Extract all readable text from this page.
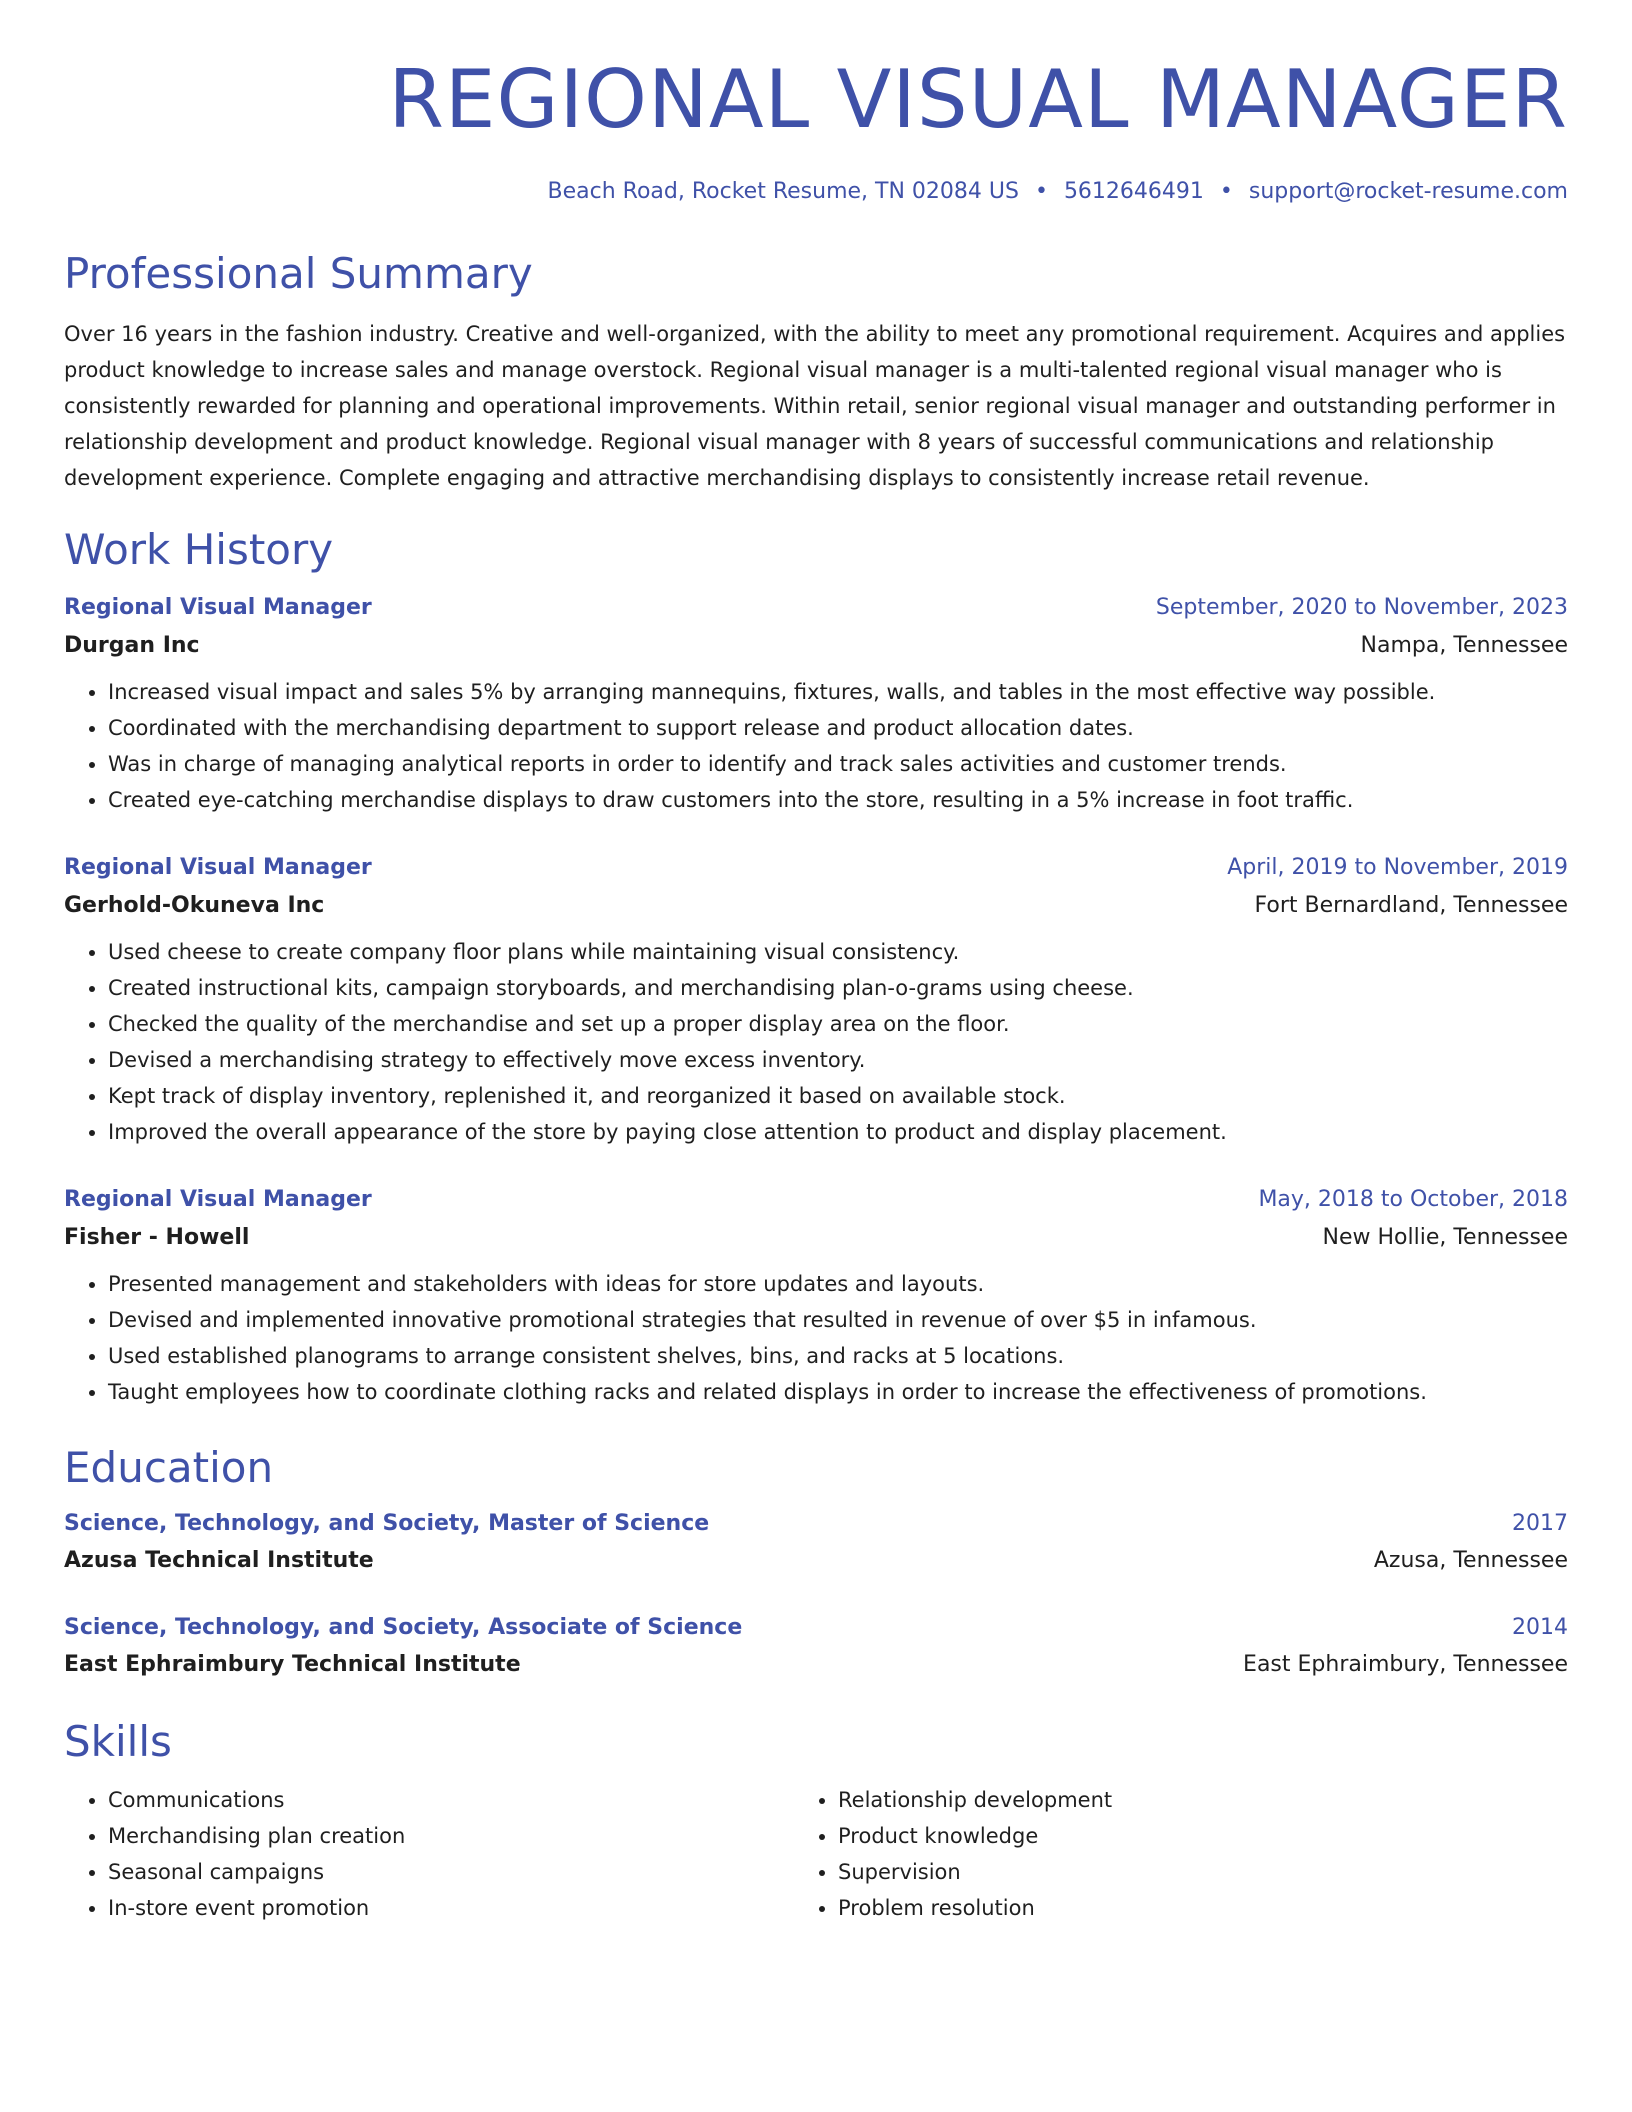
REGIONAL VISUAL MANAGER
Beach Road, Rocket Resume, TN 02084 US • 5612646491 • support@rocket-resume.com
Professional Summary
Over 16 years in the fashion industry. Creative and well-organized, with the ability to meet any promotional requirement. Acquires and applies product knowledge to increase sales and manage overstock. Regional visual manager is a multi-talented regional visual manager who is consistently rewarded for planning and operational improvements. Within retail, senior regional visual manager and outstanding performer in relationship development and product knowledge. Regional visual manager with 8 years of successful communications and relationship development experience. Complete engaging and attractive merchandising displays to consistently increase retail revenue.
Work History
Regional Visual Manager	September, 2020 to November, 2023
Durgan Inc	Nampa, Tennessee
• Increased visual impact and sales 5% by arranging mannequins, fixtures, walls, and tables in the most effective way possible.
• Coordinated with the merchandising department to support release and product allocation dates.
• Was in charge of managing analytical reports in order to identify and track sales activities and customer trends.
• Created eye-catching merchandise displays to draw customers into the store, resulting in a 5% increase in foot traffic.
Regional Visual Manager	April, 2019 to November, 2019
Gerhold-Okuneva Inc	Fort Bernardland, Tennessee
• Used cheese to create company floor plans while maintaining visual consistency.
• Created instructional kits, campaign storyboards, and merchandising plan-o-grams using cheese.
• Checked the quality of the merchandise and set up a proper display area on the floor.
• Devised a merchandising strategy to effectively move excess inventory.
• Kept track of display inventory, replenished it, and reorganized it based on available stock.
• Improved the overall appearance of the store by paying close attention to product and display placement.
Regional Visual Manager	May, 2018 to October, 2018
Fisher - Howell	New Hollie, Tennessee
• Presented management and stakeholders with ideas for store updates and layouts.
• Devised and implemented innovative promotional strategies that resulted in revenue of over $5 in infamous.
• Used established planograms to arrange consistent shelves, bins, and racks at 5 locations.
• Taught employees how to coordinate clothing racks and related displays in order to increase the effectiveness of promotions.
Education
Science, Technology, and Society, Master of Science	2017
Azusa Technical Institute	Azusa, Tennessee
Science, Technology, and Society, Associate of Science	2014
East Ephraimbury Technical Institute	East Ephraimbury, Tennessee
Skills
• Communications
• Merchandising plan creation
• Seasonal campaigns
• In-store event promotion
• Relationship development
• Product knowledge
• Supervision
• Problem resolution
